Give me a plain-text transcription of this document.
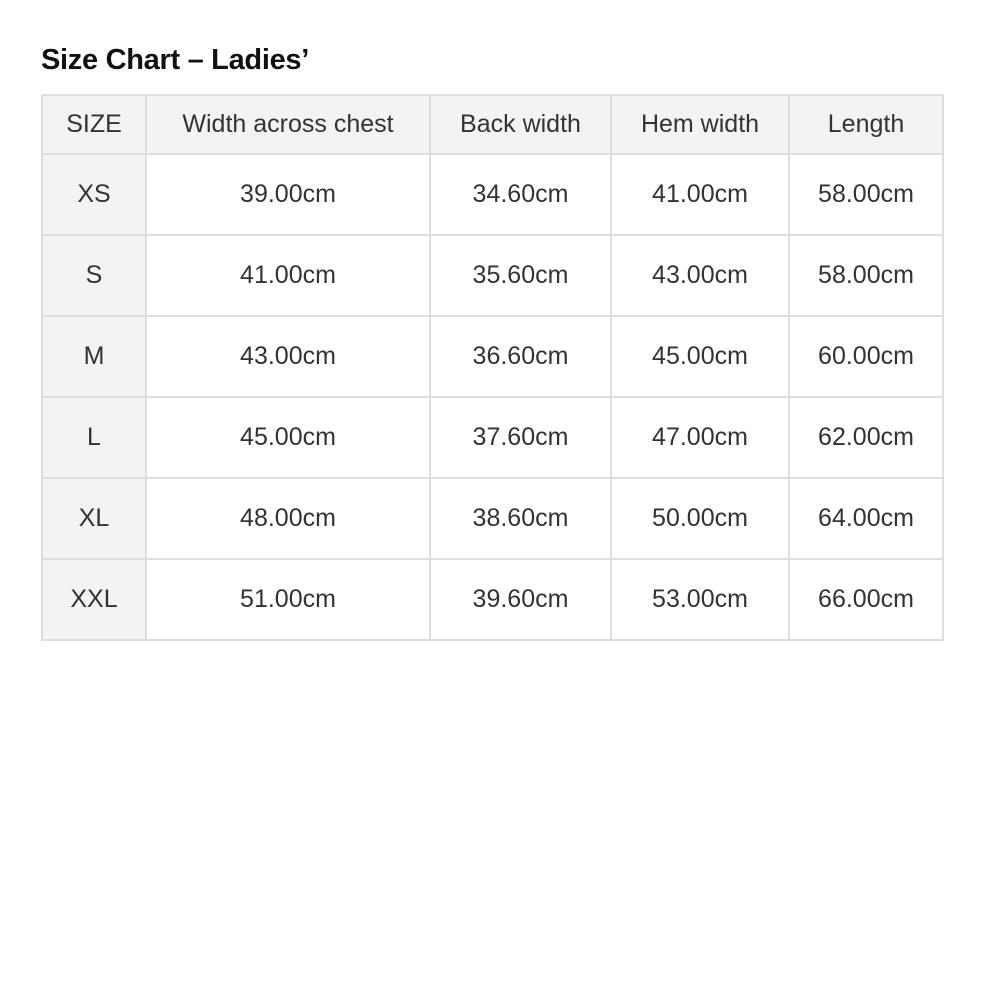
Size Chart – Ladies’
SIZE	Width across chest	Back width	Hem width	Length
XS	39.00cm	34.60cm	41.00cm	58.00cm
S	41.00cm	35.60cm	43.00cm	58.00cm
M	43.00cm	36.60cm	45.00cm	60.00cm
L	45.00cm	37.60cm	47.00cm	62.00cm
XL	48.00cm	38.60cm	50.00cm	64.00cm
XXL	51.00cm	39.60cm	53.00cm	66.00cm
